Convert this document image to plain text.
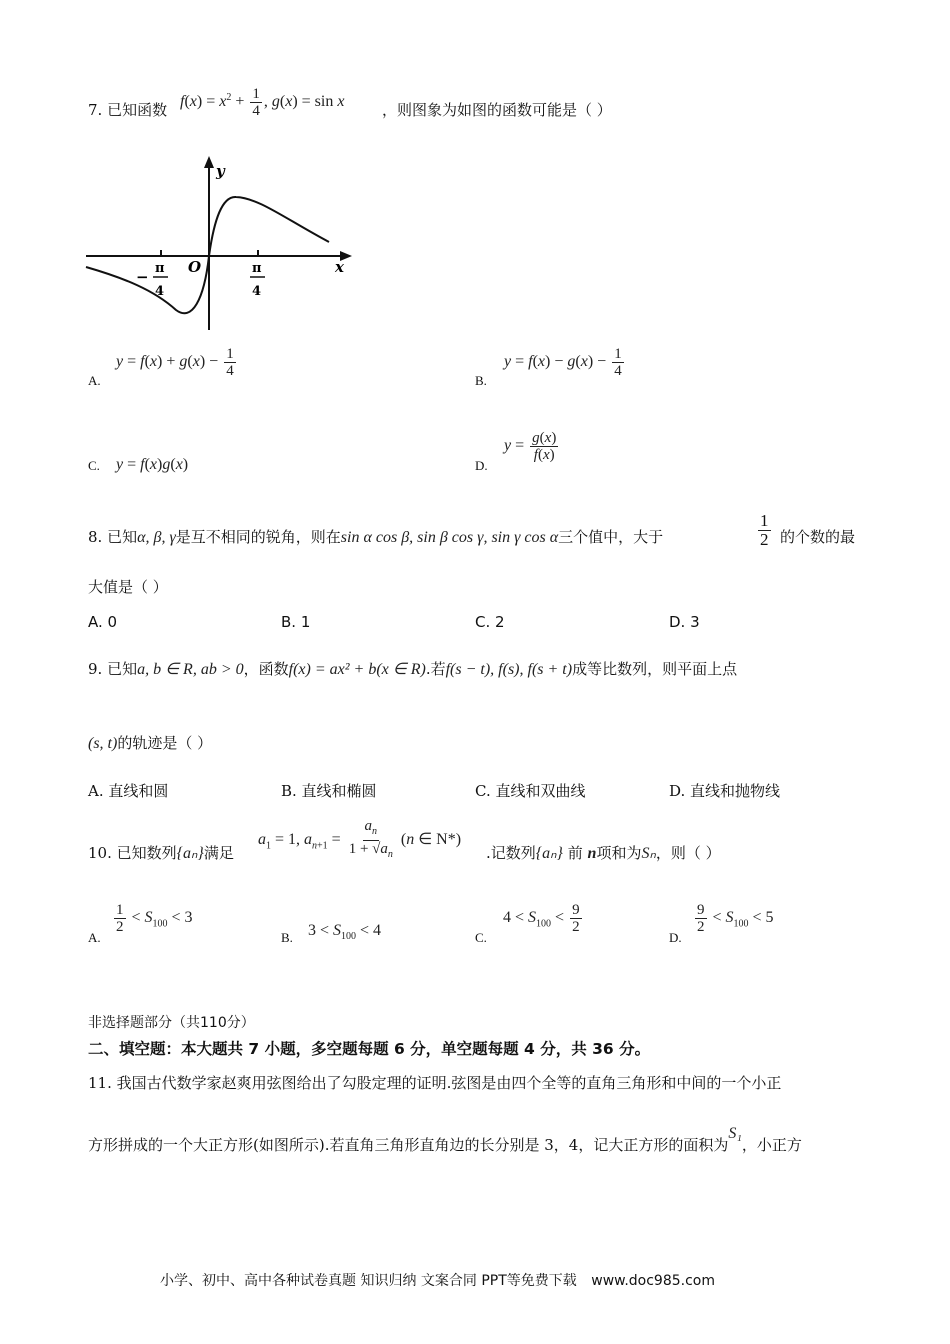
7. 已知函数 $f(x) = x^2 + \frac{1}{4}$ , g(x) = sin x	，则图象为如图的函数可能是（ ）
y
x
O
− π
4
π
4
A.
$y = f(x) + g(x) - \frac{1}{4}$
B.
$y = f(x) - g(x) - \frac{1}{4}$
C. y = f(x)g(x)	D.
$y = \frac{g(x)}{f(x)}$
8. 已知α, β, γ是互不相同的锐角，则在sin α cos β, sin β cos γ, sin γ cos α三个值中，大于	$\frac{1}{2}$ 的个数的最
大值是（ ）
A. 0	B. 1	C. 2	D. 3
9. 已知a, b ∈ R, ab > 0，函数f(x) = ax² + b(x ∈ R).若f(s − t), f(s), f(s + t)成等比数列，则平面上点
(s, t)的轨迹是（ ）
A. 直线和圆	B. 直线和椭圆	C. 直线和双曲线	D. 直线和抛物线
10. 已知数列{aₙ}满足
$a_1 = 1$, $a_{n+1} = \frac{a_n}{1 + √a_n} (n$ ∈ N*)
.记数列{aₙ} 前 n项和为Sₙ，则（ ）
A.
$\frac{1}{2} < S_{100} < 3$
B. $3 < S_{100} < 4$	C.
$4 < S_{100} < \frac{9}{2}$
D.
$\frac{9}{2} < S_{100} < 5$
非选择题部分（共110分）
二、填空题：本大题共 7 小题，多空题每题 6 分，单空题每题 4 分，共 36 分。
11. 我国古代数学家赵爽用弦图给出了勾股定理的证明.弦图是由四个全等的直角三角形和中间的一个小正
方形拼成的一个大正方形(如图所示).若直角三角形直角边的长分别是 3，4，记大正方形的面积为S₁，小正方
小学、初中、高中各种试卷真题 知识归纳 文案合同 PPT等免费下载 www.doc985.com
